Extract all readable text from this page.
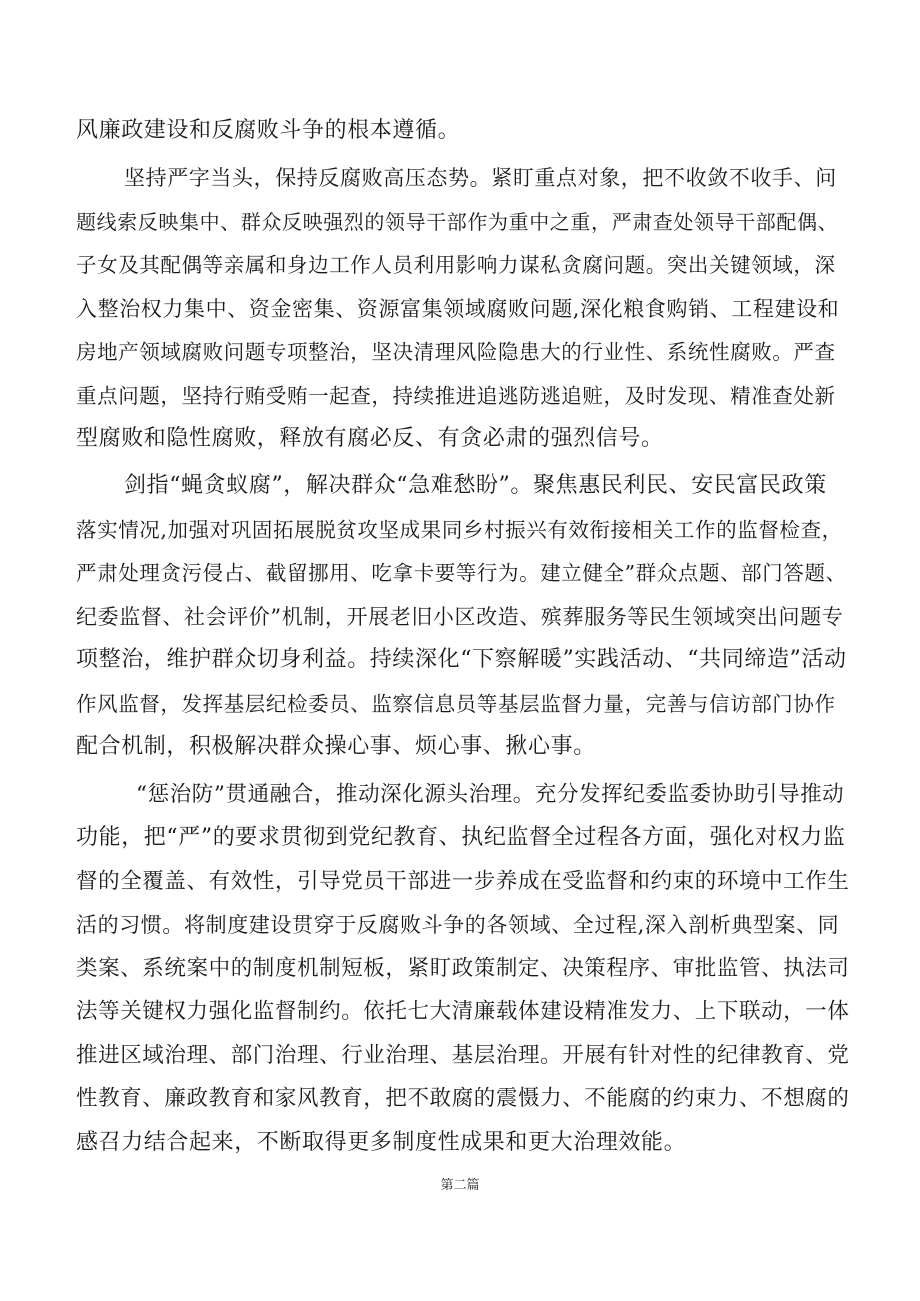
风廉政建设和反腐败斗争的根本遵循。
坚持严字当头，保持反腐败高压态势。紧盯重点对象，把不收敛不收手、问
题线索反映集中、群众反映强烈的领导干部作为重中之重，严肃查处领导干部配偶、
子女及其配偶等亲属和身边工作人员利用影响力谋私贪腐问题。突出关键领域，深
入整治权力集中、资金密集、资源富集领域腐败问题,深化粮食购销、工程建设和
房地产领域腐败问题专项整治，坚决清理风险隐患大的行业性、系统性腐败。严查
重点问题，坚持行贿受贿一起查，持续推进追逃防逃追赃，及时发现、精准查处新
型腐败和隐性腐败，释放有腐必反、有贪必肃的强烈信号。
剑指“蝇贪蚁腐”，解决群众“急难愁盼”。聚焦惠民利民、安民富民政策
落实情况,加强对巩固拓展脱贫攻坚成果同乡村振兴有效衔接相关工作的监督检查，
严肃处理贪污侵占、截留挪用、吃拿卡要等行为。建立健全”群众点题、部门答题、
纪委监督、社会评价”机制，开展老旧小区改造、殡葬服务等民生领域突出问题专
项整治，维护群众切身利益。持续深化“下察解暖”实践活动、“共同缔造”活动
作风监督，发挥基层纪检委员、监察信息员等基层监督力量，完善与信访部门协作
配合机制，积极解决群众操心事、烦心事、揪心事。
“惩治防”贯通融合，推动深化源头治理。充分发挥纪委监委协助引导推动
功能，把“严”的要求贯彻到党纪教育、执纪监督全过程各方面，强化对权力监
督的全覆盖、有效性，引导党员干部进一步养成在受监督和约束的环境中工作生
活的习惯。将制度建设贯穿于反腐败斗争的各领域、全过程,深入剖析典型案、同
类案、系统案中的制度机制短板，紧盯政策制定、决策程序、审批监管、执法司
法等关键权力强化监督制约。依托七大清廉载体建设精准发力、上下联动，一体
推进区域治理、部门治理、行业治理、基层治理。开展有针对性的纪律教育、党
性教育、廉政教育和家风教育，把不敢腐的震慑力、不能腐的约束力、不想腐的
感召力结合起来，不断取得更多制度性成果和更大治理效能。
第二篇
